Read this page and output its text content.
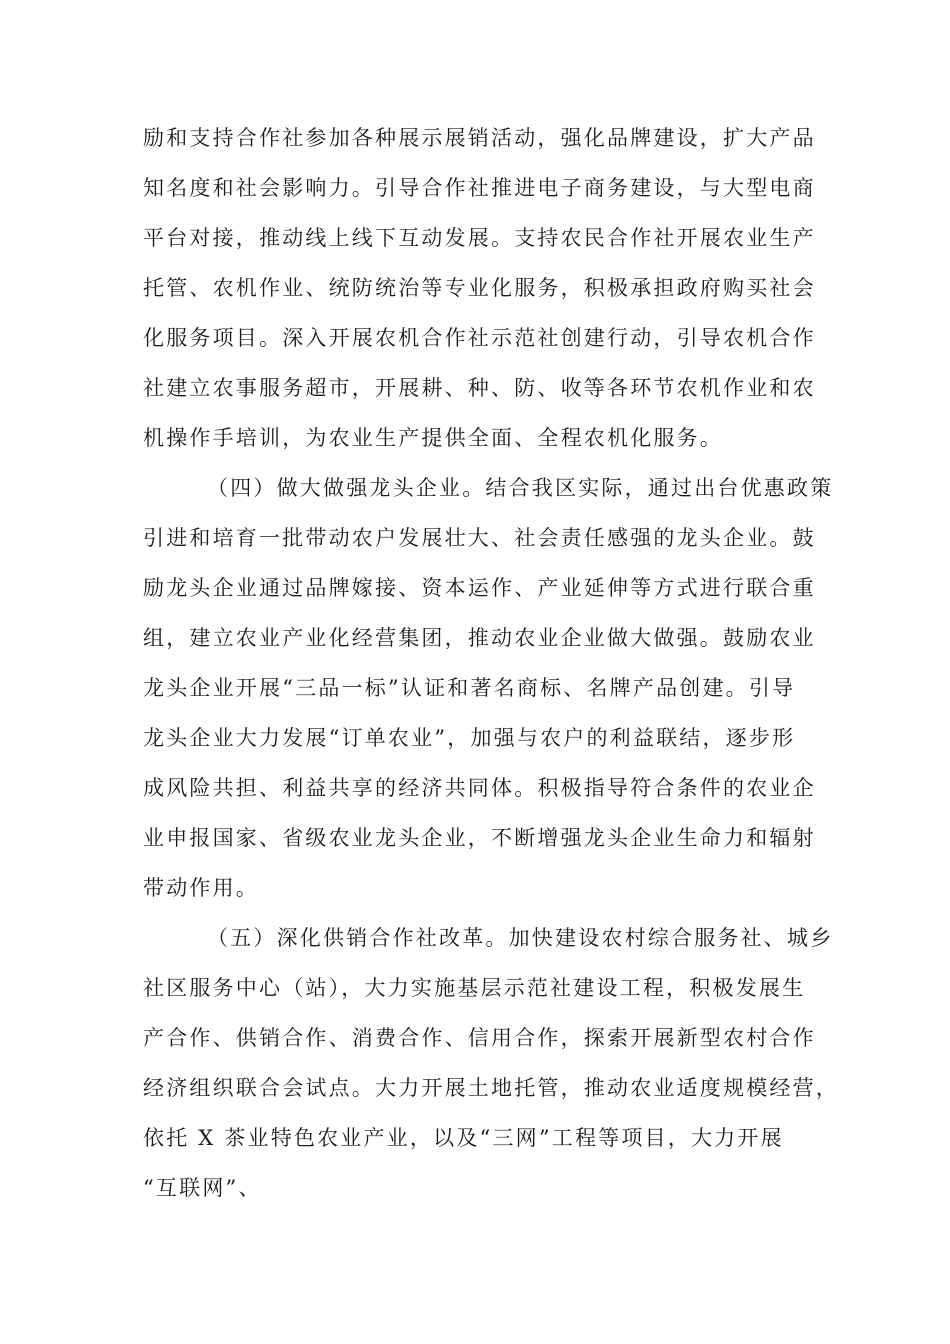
励和支持合作社参加各种展示展销活动，强化品牌建设，扩大产品
知名度和社会影响力。引导合作社推进电子商务建设，与大型电商
平台对接，推动线上线下互动发展。支持农民合作社开展农业生产
托管、农机作业、统防统治等专业化服务，积极承担政府购买社会
化服务项目。深入开展农机合作社示范社创建行动，引导农机合作
社建立农事服务超市，开展耕、种、防、收等各环节农机作业和农
机操作手培训，为农业生产提供全面、全程农机化服务。
（四）做大做强龙头企业。结合我区实际，通过出台优惠政策
引进和培育一批带动农户发展壮大、社会责任感强的龙头企业。鼓
励龙头企业通过品牌嫁接、资本运作、产业延伸等方式进行联合重
组，建立农业产业化经营集团，推动农业企业做大做强。鼓励农业
龙头企业开展“三品一标”认证和著名商标、名牌产品创建。引导
龙头企业大力发展“订单农业”，加强与农户的利益联结，逐步形
成风险共担、利益共享的经济共同体。积极指导符合条件的农业企
业申报国家、省级农业龙头企业，不断增强龙头企业生命力和辐射
带动作用。
（五）深化供销合作社改革。加快建设农村综合服务社、城乡
社区服务中心（站），大力实施基层示范社建设工程，积极发展生
产合作、供销合作、消费合作、信用合作，探索开展新型农村合作
经济组织联合会试点。大力开展土地托管，推动农业适度规模经营，
依托 X 茶业特色农业产业，以及“三网”工程等项目，大力开展
“互联网”、
